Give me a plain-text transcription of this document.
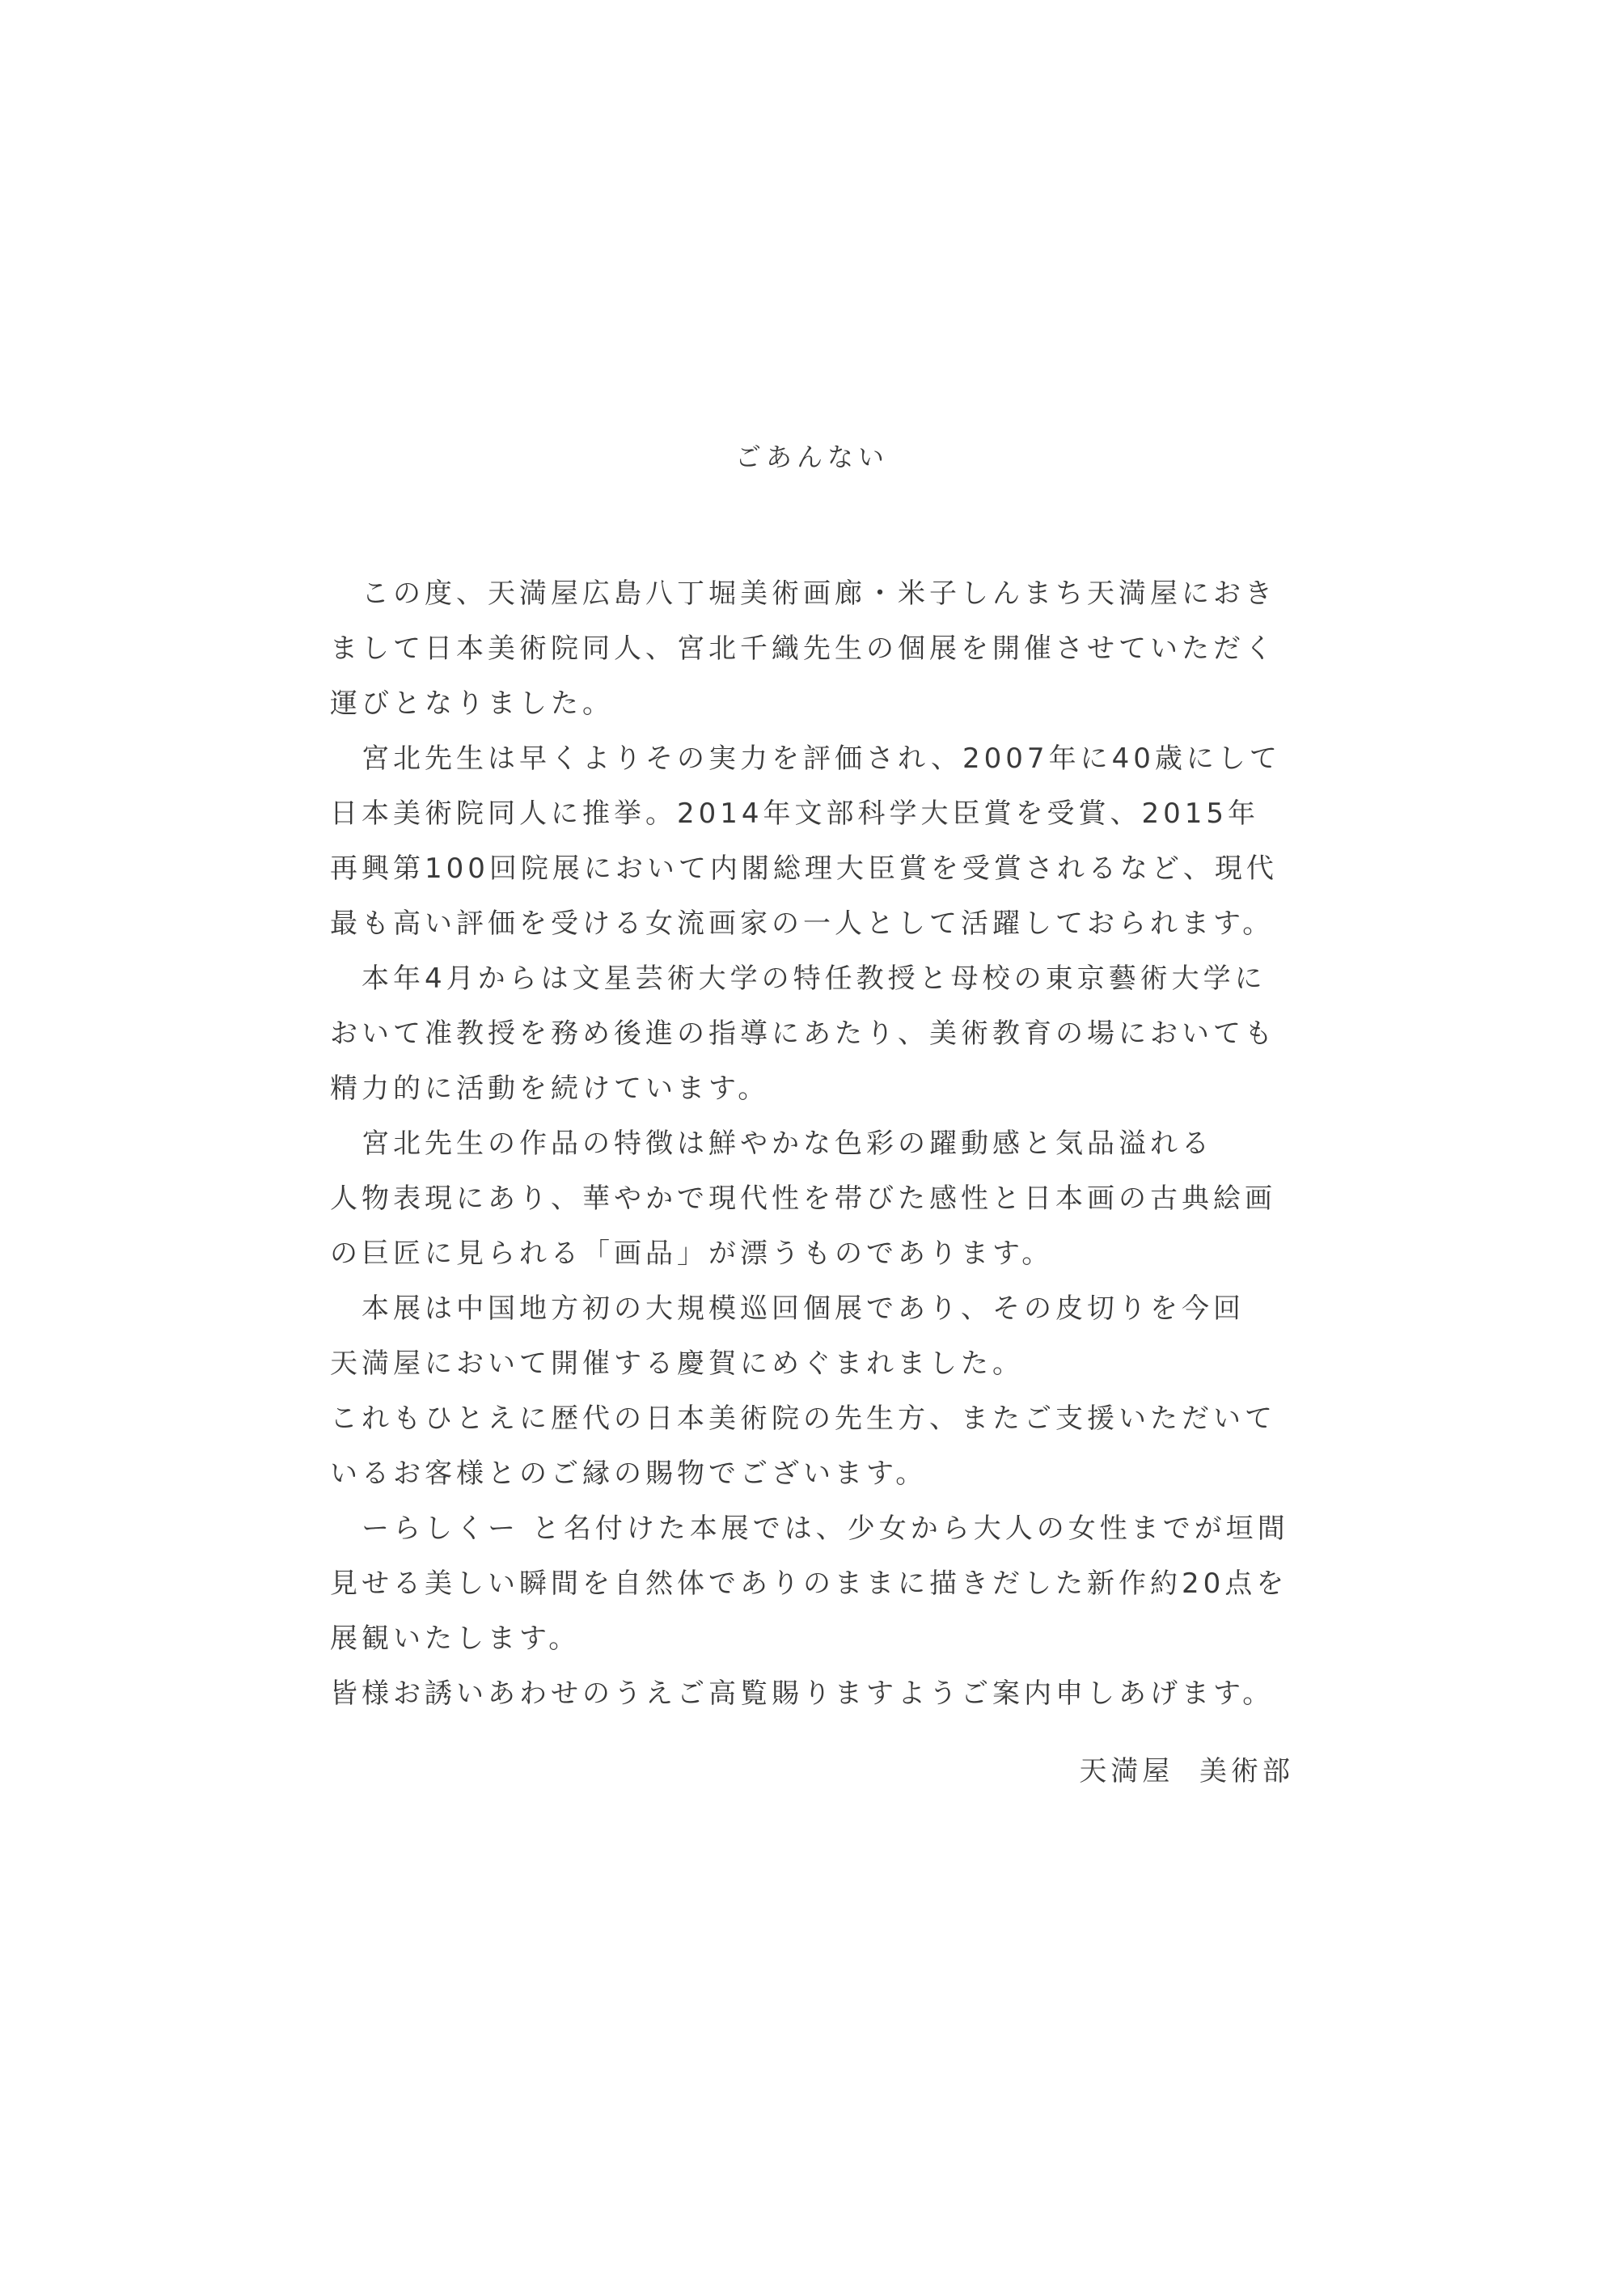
ごあんない
　この度、天満屋広島八丁堀美術画廊・米子しんまち天満屋におき
まして日本美術院同人、宮北千織先生の個展を開催させていただく
運びとなりました。
　宮北先生は早くよりその実力を評価され、2007年に40歳にして
日本美術院同人に推挙。2014年文部科学大臣賞を受賞、2015年
再興第100回院展において内閣総理大臣賞を受賞されるなど、現代
最も高い評価を受ける女流画家の一人として活躍しておられます。
　本年4月からは文星芸術大学の特任教授と母校の東京藝術大学に
おいて准教授を務め後進の指導にあたり、美術教育の場においても
精力的に活動を続けています。
　宮北先生の作品の特徴は鮮やかな色彩の躍動感と気品溢れる
人物表現にあり、華やかで現代性を帯びた感性と日本画の古典絵画
の巨匠に見られる「画品」が漂うものであります。
　本展は中国地方初の大規模巡回個展であり、その皮切りを今回
天満屋において開催する慶賀にめぐまれました。
これもひとえに歴代の日本美術院の先生方、またご支援いただいて
いるお客様とのご縁の賜物でございます。
　ーらしくー と名付けた本展では、少女から大人の女性までが垣間
見せる美しい瞬間を自然体でありのままに描きだした新作約20点を
展観いたします。
皆様お誘いあわせのうえご高覧賜りますようご案内申しあげます。
天満屋  美術部
